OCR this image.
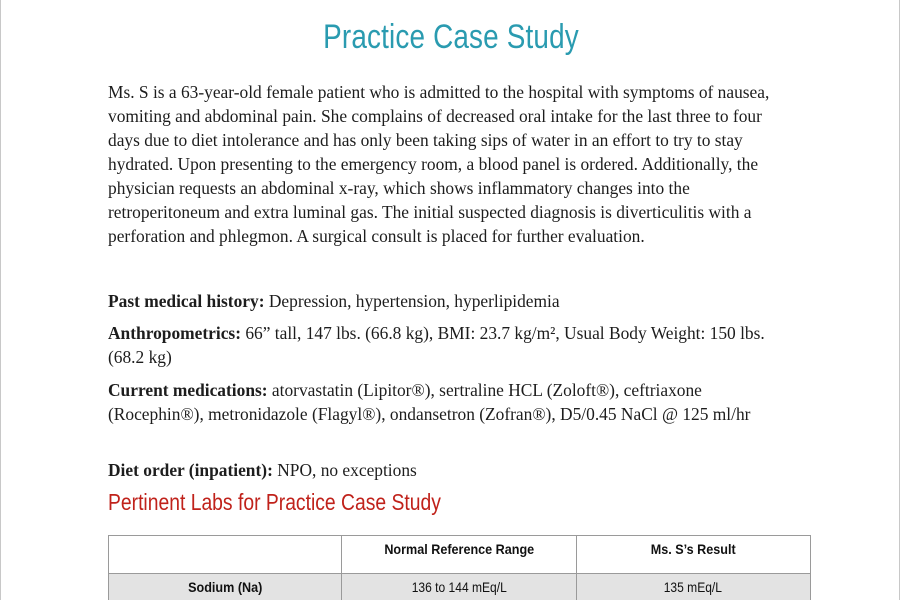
Practice Case Study

Ms. S is a 63-year-old female patient who is admitted to the hospital with symptoms of nausea, vomiting and abdominal pain. She complains of decreased oral intake for the last three to four days due to diet intolerance and has only been taking sips of water in an effort to try to stay hydrated. Upon presenting to the emergency room, a blood panel is ordered. Additionally, the physician requests an abdominal x-ray, which shows inflammatory changes into the retroperitoneum and extra luminal gas. The initial suspected diagnosis is diverticulitis with a perforation and phlegmon. A surgical consult is placed for further evaluation.

Past medical history: Depression, hypertension, hyperlipidemia

Anthropometrics: 66” tall, 147 lbs. (66.8 kg), BMI: 23.7 kg/m², Usual Body Weight: 150 lbs. (68.2 kg)

Current medications: atorvastatin (Lipitor®), sertraline HCL (Zoloft®), ceftriaxone (Rocephin®), metronidazole (Flagyl®), ondansetron (Zofran®), D5/0.45 NaCl @ 125 ml/hr

Diet order (inpatient): NPO, no exceptions

Pertinent Labs for Practice Case Study
	Normal Reference Range	Ms. S’s Result
Sodium (Na)	136 to 144 mEq/L	135 mEq/L
